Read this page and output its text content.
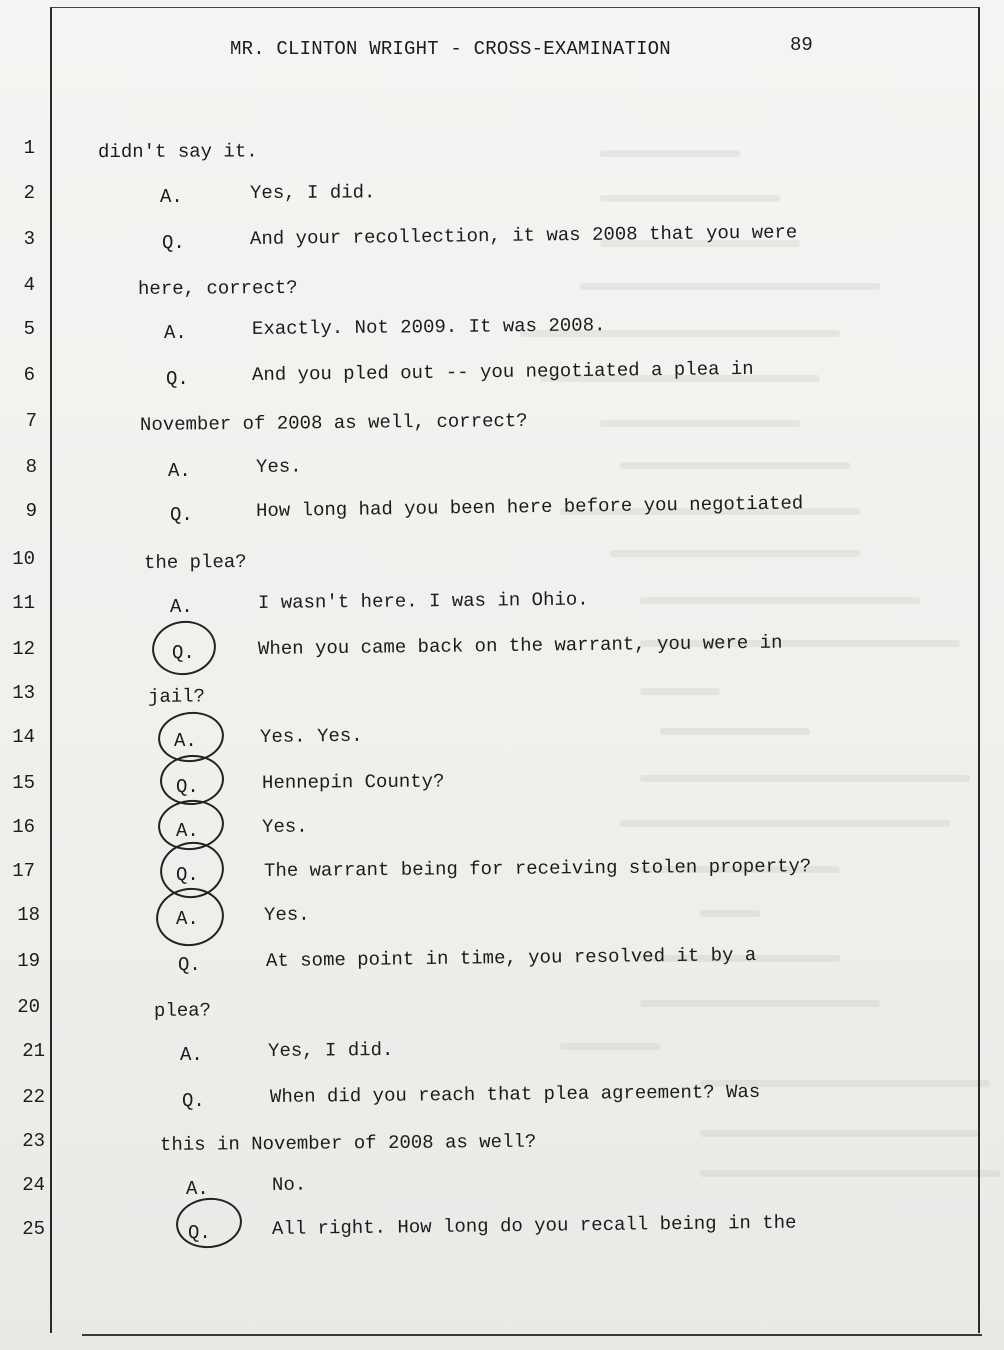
MR. CLINTON WRIGHT - CROSS-EXAMINATION	89
1	didn't say it.
2	A.	Yes, I did.
3	Q.	And your recollection, it was 2008 that you were
4	here, correct?
5	A.	Exactly. Not 2009. It was 2008.
6	Q.	And you pled out -- you negotiated a plea in
7	November of 2008 as well, correct?
8	A.	Yes.
9	Q.	How long had you been here before you negotiated
10	the plea?
11	A.	I wasn't here. I was in Ohio.
12	Q.	When you came back on the warrant, you were in
13	jail?
14	A.	Yes. Yes.
15	Q.	Hennepin County?
16	A.	Yes.
17	Q.	The warrant being for receiving stolen property?
18	A.	Yes.
19	Q.	At some point in time, you resolved it by a
20	plea?
21	A.	Yes, I did.
22	Q.	When did you reach that plea agreement? Was
23	this in November of 2008 as well?
24	A.	No.
25	Q.	All right. How long do you recall being in the
